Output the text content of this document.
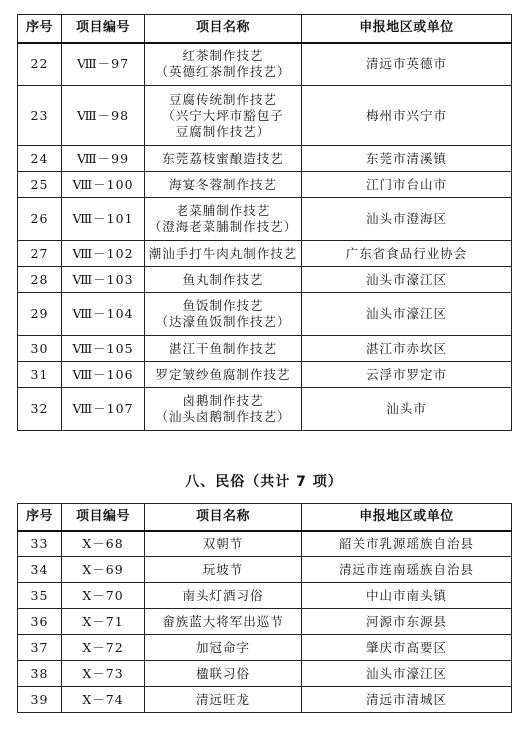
序号	项目编号	项目名称	申报地区或单位
22	Ⅷ－97	红茶制作技艺
（英德红茶制作技艺）	清远市英德市
23	Ⅷ－98	豆腐传统制作技艺
（兴宁大坪市豁包子
豆腐制作技艺）	梅州市兴宁市
24	Ⅷ－99	东莞荔枝蜜酿造技艺	东莞市清溪镇
25	Ⅷ－100	海宴冬蓉制作技艺	江门市台山市
26	Ⅷ－101	老菜脯制作技艺
（澄海老菜脯制作技艺）	汕头市澄海区
27	Ⅷ－102	潮汕手打牛肉丸制作技艺	广东省食品行业协会
28	Ⅷ－103	鱼丸制作技艺	汕头市濠江区
29	Ⅷ－104	鱼饭制作技艺
（达濠鱼饭制作技艺）	汕头市濠江区
30	Ⅷ－105	湛江干鱼制作技艺	湛江市赤坎区
31	Ⅷ－106	罗定皱纱鱼腐制作技艺	云浮市罗定市
32	Ⅷ－107	卤鹅制作技艺
（汕头卤鹅制作技艺）	汕头市
八、民俗（共计 7 项）
序号	项目编号	项目名称	申报地区或单位
33	Ⅹ－68	双朝节	韶关市乳源瑶族自治县
34	Ⅹ－69	玩坡节	清远市连南瑶族自治县
35	Ⅹ－70	南头灯酒习俗	中山市南头镇
36	Ⅹ－71	畲族蓝大将军出巡节	河源市东源县
37	Ⅹ－72	加冠命字	肇庆市高要区
38	Ⅹ－73	楹联习俗	汕头市濠江区
39	Ⅹ－74	清远旺龙	清远市清城区
